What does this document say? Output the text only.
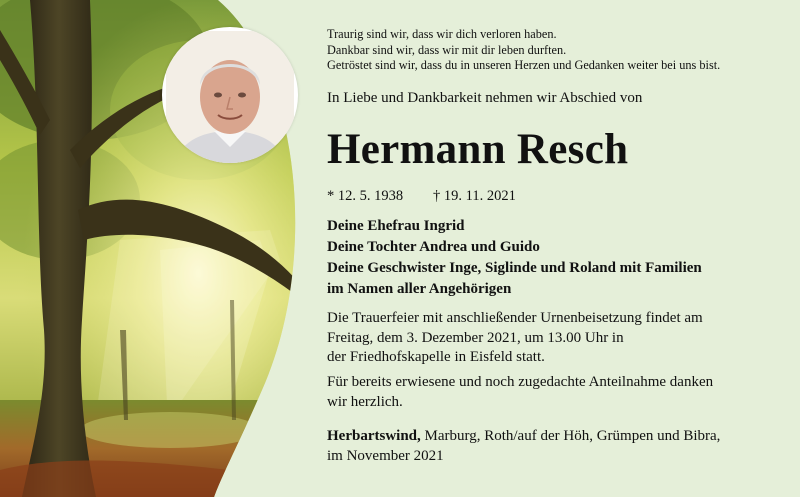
Traurig sind wir, dass wir dich verloren haben.
Dankbar sind wir, dass wir mit dir leben durften.
Getröstet sind wir, dass du in unseren Herzen und Gedanken weiter bei uns bist.
In Liebe und Dankbarkeit nehmen wir Abschied von
Hermann Resch
* 12. 5. 1938 † 19. 11. 2021
Deine Ehefrau Ingrid
Deine Tochter Andrea und Guido
Deine Geschwister Inge, Siglinde und Roland mit Familien
im Namen aller Angehörigen
Die Trauerfeier mit anschließender Urnenbeisetzung findet am
Freitag, dem 3. Dezember 2021, um 13.00 Uhr in
der Friedhofskapelle in Eisfeld statt.
Für bereits erwiesene und noch zugedachte Anteilnahme danken
wir herzlich.
Herbartswind, Marburg, Roth/auf der Höh, Grümpen und Bibra,
im November 2021
